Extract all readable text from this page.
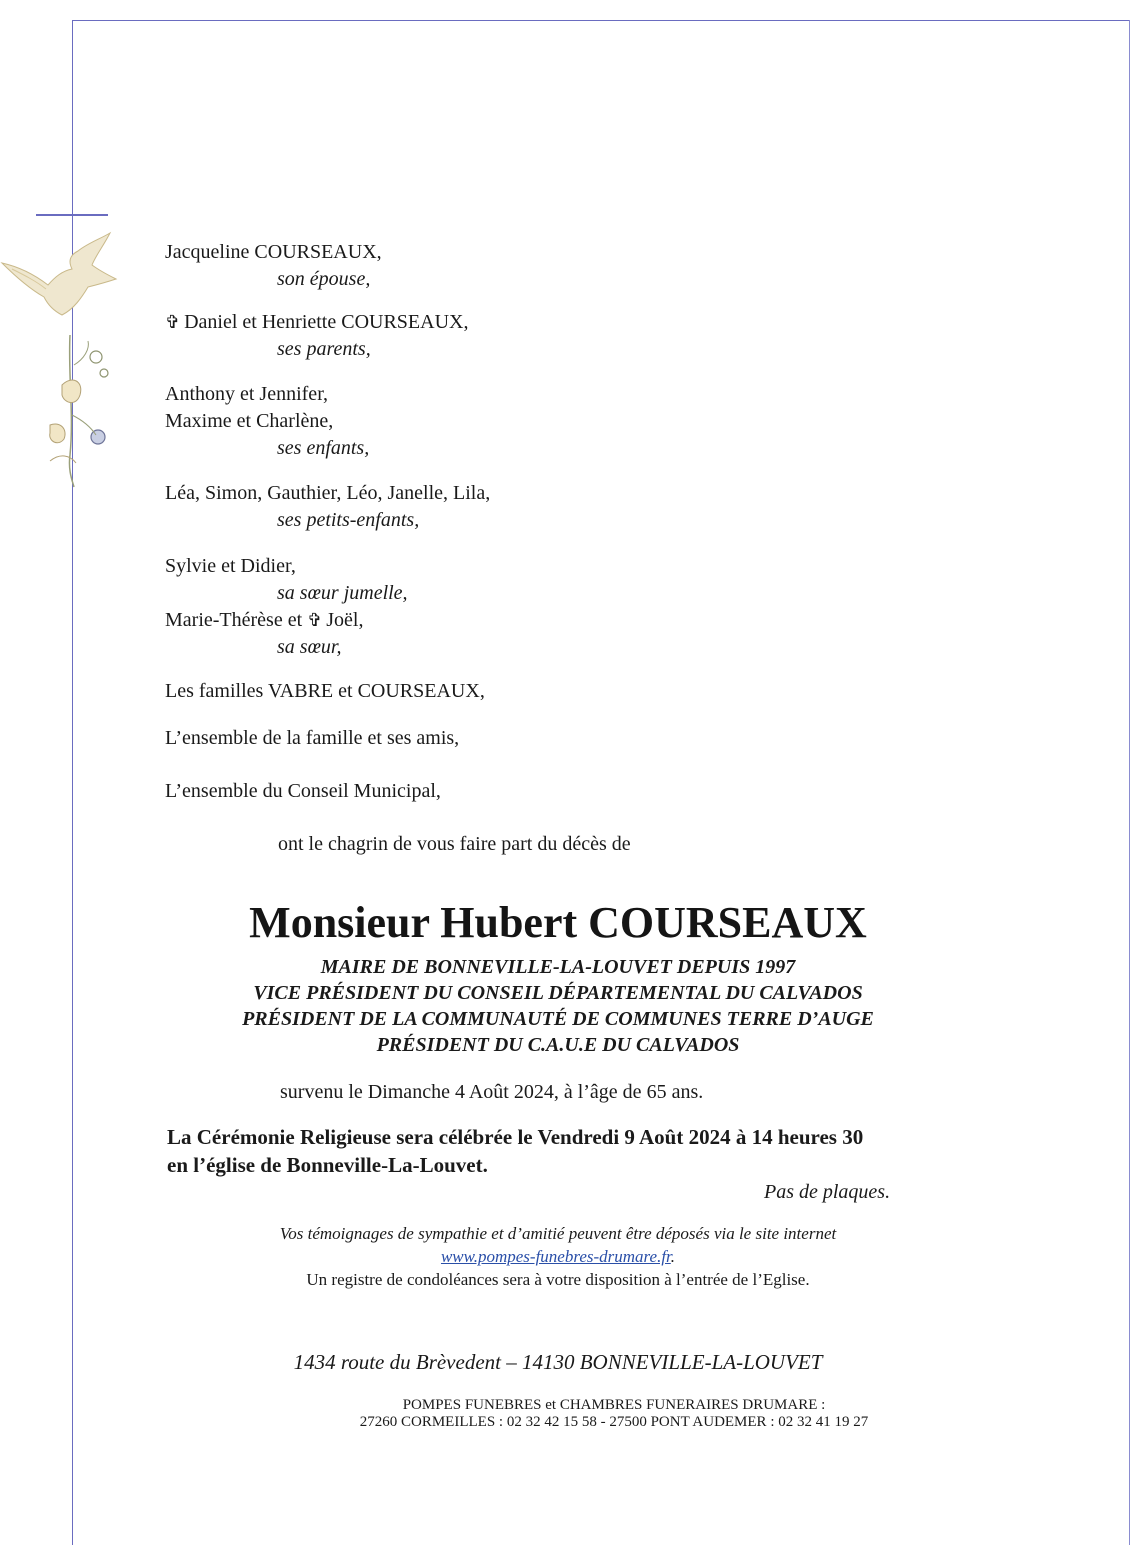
Jacqueline COURSEAUX,
son épouse,
✞ Daniel et Henriette COURSEAUX,
ses parents,
Anthony et Jennifer,
Maxime et Charlène,
ses enfants,
Léa, Simon, Gauthier, Léo, Janelle, Lila,
ses petits-enfants,
Sylvie et Didier,
sa sœur jumelle,
Marie-Thérèse et ✞ Joël,
sa sœur,
Les familles VABRE et COURSEAUX,
L’ensemble de la famille et ses amis,
L’ensemble du Conseil Municipal,
ont le chagrin de vous faire part du décès de
Monsieur Hubert COURSEAUX
MAIRE DE BONNEVILLE-LA-LOUVET DEPUIS 1997
VICE PRÉSIDENT DU CONSEIL DÉPARTEMENTAL DU CALVADOS
PRÉSIDENT DE LA COMMUNAUTÉ DE COMMUNES TERRE D’AUGE
PRÉSIDENT DU C.A.U.E DU CALVADOS
survenu le Dimanche 4 Août 2024, à l’âge de 65 ans.
La Cérémonie Religieuse sera célébrée le Vendredi 9 Août 2024 à 14 heures 30
en l’église de Bonneville-La-Louvet.
Pas de plaques.
Vos témoignages de sympathie et d’amitié peuvent être déposés via le site internet
www.pompes-funebres-drumare.fr.
Un registre de condoléances sera à votre disposition à l’entrée de l’Eglise.
1434 route du Brèvedent – 14130 BONNEVILLE-LA-LOUVET
POMPES FUNEBRES et CHAMBRES FUNERAIRES DRUMARE :
27260 CORMEILLES : 02 32 42 15 58 - 27500 PONT AUDEMER : 02 32 41 19 27
